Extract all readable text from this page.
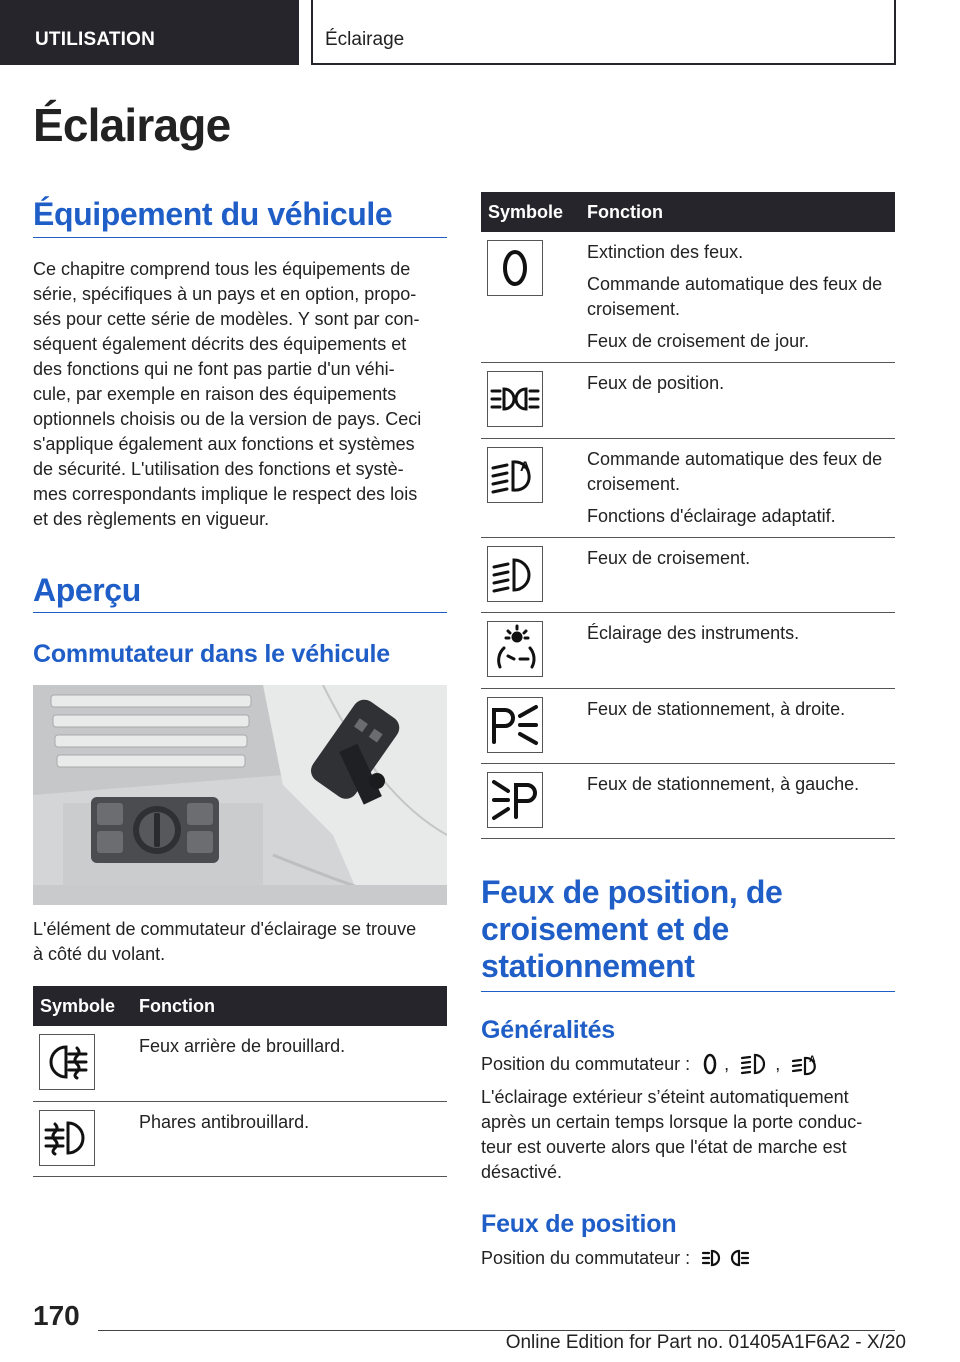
UTILISATION	Éclairage
Éclairage
Équipement du véhicule
Ce chapitre comprend tous les équipements de
série, spécifiques à un pays et en option, propo-
sés pour cette série de modèles. Y sont par con-
séquent également décrits des équipements et
des fonctions qui ne font pas partie d'un véhi-
cule, par exemple en raison des équipements
optionnels choisis ou de la version de pays. Ceci
s'applique également aux fonctions et systèmes
de sécurité. L'utilisation des fonctions et systè-
mes correspondants implique le respect des lois
et des règlements en vigueur.
Aperçu
Commutateur dans le véhicule
L'élément de commutateur d'éclairage se trouve
à côté du volant.
Symbole	Fonction

Feux arrière de brouillard.

Phares antibrouillard.

Symbole	Fonction

Extinction des feux.

Commande automatique des feux de croisement.

Feux de croisement de jour.

Feux de position.

A	Commande automatique des feux de croisement.

Fonctions d'éclairage adaptatif.

Feux de croisement.

Éclairage des instruments.

Feux de stationnement, à droite.

Feux de stationnement, à gauche.

Feux de position, de
croisement et de
stationnement
Généralités
Position du commutateur : ,	,	A
L'éclairage extérieur s’éteint automatiquement
après un certain temps lorsque la porte conduc-
teur est ouverte alors que l'état de marche est
désactivé.
Feux de position
Position du commutateur :
170
Online Edition for Part no. 01405A1F6A2 - X/20
